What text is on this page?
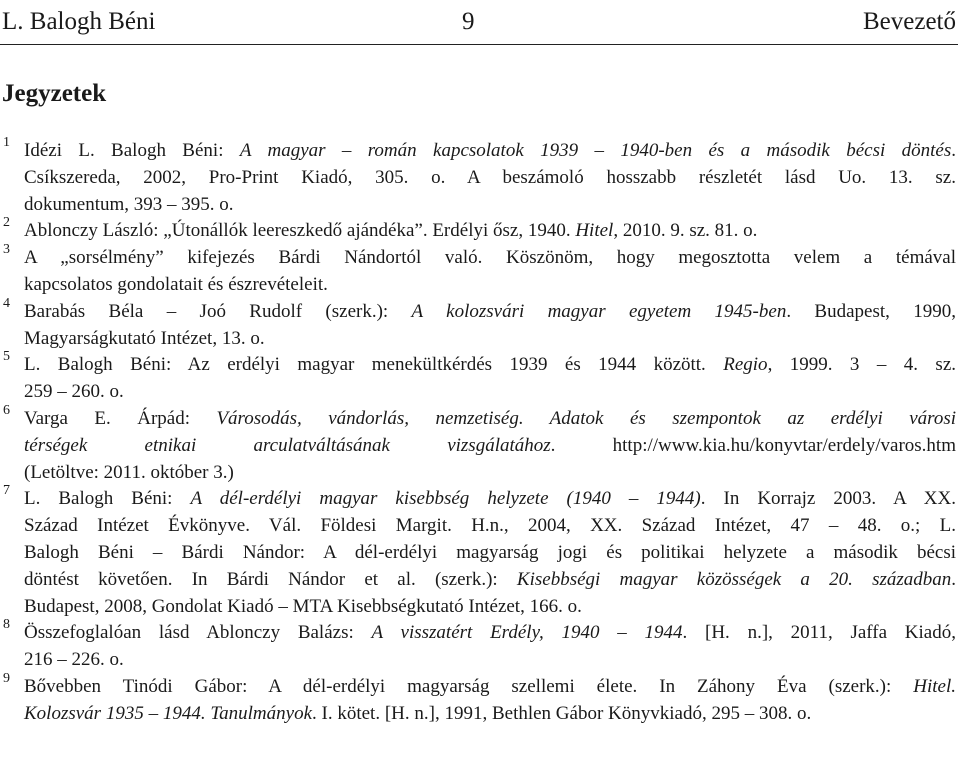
L. Balogh Béni	9	Bevezető
Jegyzetek
1 Idézi L. Balogh Béni: A magyar – román kapcsolatok 1939 – 1940-ben és a második bécsi döntés.
Csíkszereda, 2002, Pro-Print Kiadó, 305. o. A beszámoló hosszabb részletét lásd Uo. 13. sz.
dokumentum, 393 – 395. o.
2 Ablonczy László: „Útonállók leereszkedő ajándéka”. Erdélyi ősz, 1940. Hitel, 2010. 9. sz. 81. o.
3 A „sorsélmény” kifejezés Bárdi Nándortól való. Köszönöm, hogy megosztotta velem a témával
kapcsolatos gondolatait és észrevételeit.
4 Barabás Béla – Joó Rudolf (szerk.): A kolozsvári magyar egyetem 1945-ben. Budapest, 1990,
Magyarságkutató Intézet, 13. o.
5 L. Balogh Béni: Az erdélyi magyar menekültkérdés 1939 és 1944 között. Regio, 1999. 3 – 4. sz.
259 – 260. o.
6 Varga E. Árpád: Városodás, vándorlás, nemzetiség. Adatok és szempontok az erdélyi városi
térségek etnikai arculatváltásának vizsgálatához. http://www.kia.hu/konyvtar/erdely/varos.htm
(Letöltve: 2011. október 3.)
7 L. Balogh Béni: A dél-erdélyi magyar kisebbség helyzete (1940 – 1944). In Korrajz 2003. A XX.
Század Intézet Évkönyve. Vál. Földesi Margit. H.n., 2004, XX. Század Intézet, 47 – 48. o.; L.
Balogh Béni – Bárdi Nándor: A dél-erdélyi magyarság jogi és politikai helyzete a második bécsi
döntést követően. In Bárdi Nándor et al. (szerk.): Kisebbségi magyar közösségek a 20. században.
Budapest, 2008, Gondolat Kiadó – MTA Kisebbségkutató Intézet, 166. o.
8 Összefoglalóan lásd Ablonczy Balázs: A visszatért Erdély, 1940 – 1944. [H. n.], 2011, Jaffa Kiadó,
216 – 226. o.
9 Bővebben Tinódi Gábor: A dél-erdélyi magyarság szellemi élete. In Záhony Éva (szerk.): Hitel.
Kolozsvár 1935 – 1944. Tanulmányok. I. kötet. [H. n.], 1991, Bethlen Gábor Könyvkiadó, 295 – 308. o.
